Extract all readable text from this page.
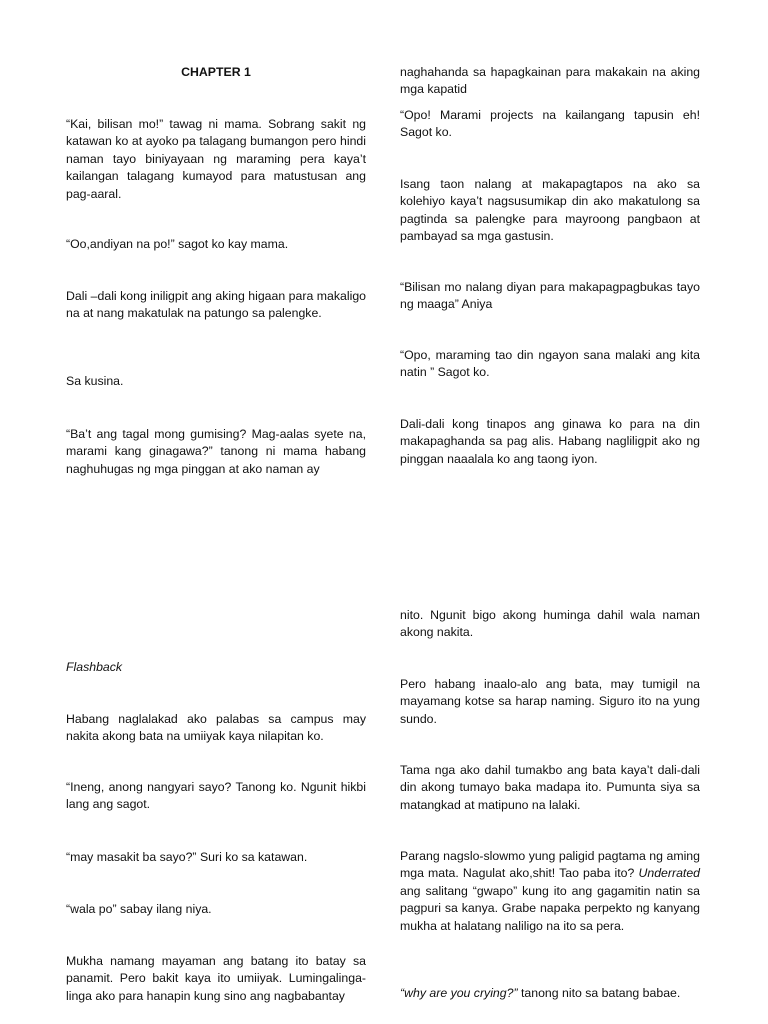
CHAPTER 1

“Kai, bilisan mo!” tawag ni mama. Sobrang sakit ng katawan ko at ayoko pa talagang bumangon pero hindi naman tayo biniyayaan ng maraming pera kaya’t kailangan talagang kumayod para matustusan ang pag-aaral.

“Oo,andiyan na po!” sagot ko kay mama.

Dali –dali kong iniligpit ang aking higaan para makaligo na at nang makatulak na patungo sa palengke.

Sa kusina.

“Ba’t ang tagal mong gumising? Mag-aalas syete na, marami kang ginagawa?” tanong ni mama habang naghuhugas ng mga pinggan at ako naman ay

Flashback

Habang naglalakad ako palabas sa campus may nakita akong bata na umiiyak kaya nilapitan ko.

“Ineng, anong nangyari sayo? Tanong ko. Ngunit hikbi lang ang sagot.

“may masakit ba sayo?” Suri ko sa katawan.

“wala po” sabay ilang niya.

Mukha namang mayaman ang batang ito batay sa panamit. Pero bakit kaya ito umiiyak. Lumingalinga-linga ako para hanapin kung sino ang nagbabantay

naghahanda sa hapagkainan para makakain na aking mga kapatid

“Opo! Marami projects na kailangang tapusin eh! Sagot ko.

Isang taon nalang at makapagtapos na ako sa kolehiyo kaya’t nagsusumikap din ako makatulong sa pagtinda sa palengke para mayroong pangbaon at pambayad sa mga gastusin.

“Bilisan mo nalang diyan para makapagpagbukas tayo ng maaga” Aniya

“Opo, maraming tao din ngayon sana malaki ang kita natin ” Sagot ko.

Dali-dali kong tinapos ang ginawa ko para na din makapaghanda sa pag alis. Habang nagliligpit ako ng pinggan naaalala ko ang taong iyon.

nito. Ngunit bigo akong huminga dahil wala naman akong nakita.

Pero habang inaalo-alo ang bata, may tumigil na mayamang kotse sa harap naming. Siguro ito na yung sundo.

Tama nga ako dahil tumakbo ang bata kaya’t dali-dali din akong tumayo baka madapa ito. Pumunta siya sa matangkad at matipuno na lalaki.

Parang nagslo-slowmo yung paligid pagtama ng aming mga mata. Nagulat ako,shit! Tao paba ito? Underrated ang salitang “gwapo” kung ito ang gagamitin natin sa pagpuri sa kanya. Grabe napaka perpekto ng kanyang mukha at halatang naliligo na ito sa pera.

“why are you crying?” tanong nito sa batang babae.
